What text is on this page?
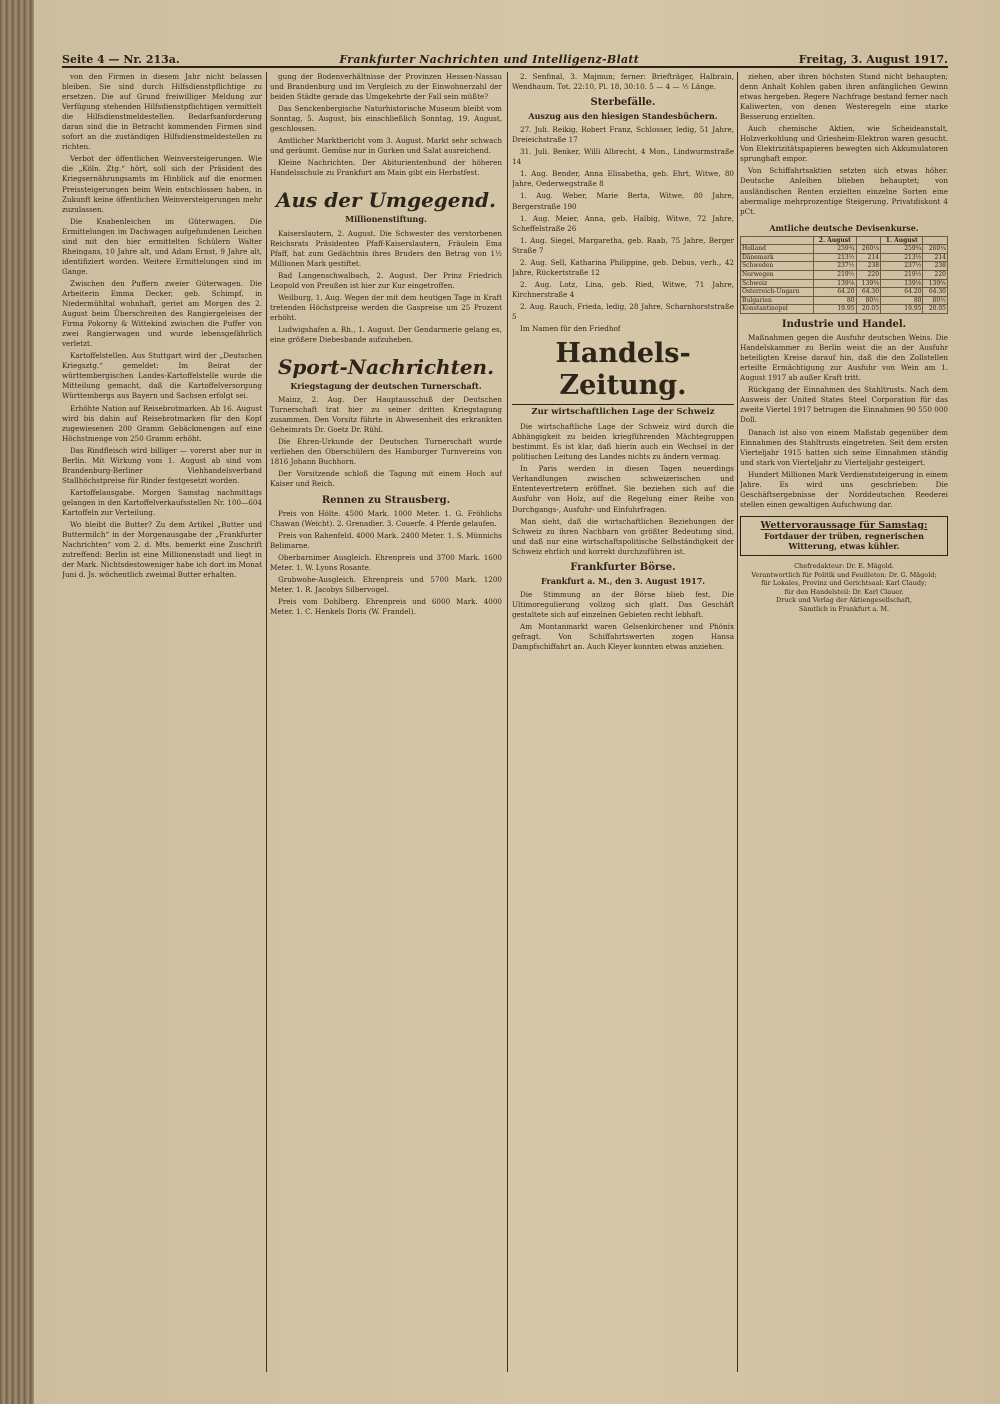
Seite 4 — Nr. 213a.	Frankfurter Nachrichten und Intelligenz-Blatt	Freitag, 3. August 1917.

von den Firmen in diesem Jahr nicht belassen bleiben. Sie sind durch Hilfsdienstpflichtige zu ersetzen. Die auf Grund freiwilliger Meldung zur Verfügung stehenden Hilfsdienstpflichtigen vermittelt die Hilfsdienstmeldestellen. Bedarfsanforderung daran sind die in Betracht kommenden Firmen sind sofort an die zuständigen Hilfsdienstmeldestellen zu richten.

Verbot der öffentlichen Weinversteigerungen. Wie die „Köln. Ztg.“ hört, soll sich der Präsident des Kriegsernährungsamts im Hinblick auf die enormen Preissteigerungen beim Wein entschlossen haben, in Zukunft keine öffentlichen Weinversteigerungen mehr zuzulassen.

Die Knabenleichen im Güterwagen. Die Ermittelungen im Dachwagen aufgefundenen Leichen sind mit den hier ermittelten Schülern Walter Rheingans, 10 Jahre alt, und Adam Ernst, 9 Jahre alt, identifiziert worden. Weitere Ermittelungen sind im Gange.

Zwischen den Puffern zweier Güterwagen. Die Arbeiterin Emma Decker, geb. Schimpf, in Niedermühltal wohnhaft, geriet am Morgen des 2. August beim Überschreiten des Rangiergeleises der Firma Pokorny & Wittekind zwischen die Puffer von zwei Rangierwagen und wurde lebensgefährlich verletzt.

Kartoffelstellen. Aus Stuttgart wird der „Deutschen Kriegsztg.“ gemeldet: Im Beirat der württembergischen Landes-Kartoffelstelle wurde die Mitteilung gemacht, daß die Kartoffelversorgung Württembergs aus Bayern und Sachsen erfolgt sei.

Erhöhte Nation auf Reisebrotmarken. Ab 16. August wird bis dahin auf Reisebrotmarken für den Kopf zugewiesenen 200 Gramm Gebäckmengen auf eine Höchstmenge von 250 Gramm erhöht.

Das Rindfleisch wird billiger — vorerst aber nur in Berlin. Mit Wirkung vom 1. August ab sind vom Brandenburg-Berliner Viehhandelsverband Stallhöchstpreise für Rinder festgesetzt worden.

Kartoffelausgabe. Morgen Samstag nachmittags gelangen in den Kartoffelverkaufsstellen Nr. 100—604 Kartoffeln zur Verteilung.

Wo bleibt die Butter? Zu dem Artikel „Butter und Buttermilch“ in der Morgenausgabe der „Frankfurter Nachrichten“ vom 2. d. Mts. bemerkt eine Zuschrift zutreffend: Berlin ist eine Millionenstadt und liegt in der Mark. Nichtsdestoweniger habe ich dort im Monat Juni d. Js. wöchentlich zweimal Butter erhalten.

gung der Bodenverhältnisse der Provinzen Hessen-Nassau und Brandenburg und im Vergleich zu der Einwohnerzahl der beiden Städte gerade das Umgekehrte der Fall sein müßte?

Das Senckenbergische Naturhistorische Museum bleibt vom Sonntag, 5. August, bis einschließlich Sonntag, 19. August, geschlossen.

Amtlicher Marktbericht vom 3. August. Markt sehr schwach und geräumt. Gemüse nur in Gurken und Salat ausreichend.

Kleine Nachrichten. Der Abiturientenbund der höheren Handelsschule zu Frankfurt am Main gibt ein Herbstfest.

Aus der Umgegend.
Millionenstiftung.

Kaiserslautern, 2. August. Die Schwester des verstorbenen Reichsrats Präsidenten Pfaff-Kaiserslautern, Fräulein Ema Pfaff, hat zum Gedächtnis ihres Bruders den Betrag von 1½ Millionen Mark gestiftet.

Bad Langenschwalbach, 2. August. Der Prinz Friedrich Leopold von Preußen ist hier zur Kur eingetroffen.

Weilburg, 1. Aug. Wegen der mit dem heutigen Tage in Kraft tretenden Höchstpreise werden die Gaspreise um 25 Prozent erhöht.

Ludwigshafen a. Rh., 1. August. Der Gendarmerie gelang es, eine größere Diebesbande aufzuheben.

Sport-Nachrichten.
Kriegstagung der deutschen Turnerschaft.

Mainz, 2. Aug. Der Hauptausschuß der Deutschen Turnerschaft trat hier zu seiner dritten Kriegstagung zusammen. Den Vorsitz führte in Abwesenheit des erkrankten Geheimrats Dr. Goetz Dr. Rühl.

Die Ehren-Urkunde der Deutschen Turnerschaft wurde verliehen den Oberschülern des Hamburger Turnvereins von 1816 Johann Buchhorn.

Der Vorsitzende schloß die Tagung mit einem Hoch auf Kaiser und Reich.

Rennen zu Strausberg.

Preis von Hölte. 4500 Mark. 1000 Meter. 1. G. Fröhlichs Chawan (Weicht). 2. Grenadier. 3. Couerfe. 4 Pferde gelaufen.

Preis von Rahenfeld. 4000 Mark. 2400 Meter. 1. S. Münnichs Belimarne.

Oberbarnimer Ausgleich. Ehrenpreis und 3700 Mark. 1600 Meter. 1. W. Lyons Rosante.

Grubwohe-Ausgleich. Ehrenpreis und 5700 Mark. 1200 Meter. 1. R. Jacobys Silbervogel.

Preis vom Dohlberg. Ehrenpreis und 6000 Mark. 4000 Meter. 1. C. Henkels Doris (W. Frandel).

2. Senfinal, 3. Majmun; ferner: Briefträger, Halbrain, Wendhaum. Tot. 22:10, Pl. 18, 30:10. 5 — 4 — ½ Länge.

Sterbefälle.
Auszug aus den hiesigen Standesbüchern.

27. Juli. Reikig, Robert Franz, Schlosser, ledig, 51 Jahre, Dreieichstraße 17

31. Juli. Benker, Willi Albrecht, 4 Mon., Lindwurmstraße 14

1. Aug. Bender, Anna Elisabetha, geb. Ehrt, Witwe, 80 Jahre, Oederwegstraße 8

1. Aug. Weber, Marie Berta, Witwe, 80 Jahre, Bergerstraße 190

1. Aug. Meier, Anna, geb. Halbig, Witwe, 72 Jahre, Scheffelstraße 26

1. Aug. Siegel, Margaretha, geb. Raab, 75 Jahre, Berger Straße 7

2. Aug. Sell, Katharina Philippine, geb. Debus, verh., 42 Jahre, Rückertstraße 12

2. Aug. Lotz, Lina, geb. Ried, Witwe, 71 Jahre, Kirchnerstraße 4

2. Aug. Rauch, Frieda, ledig, 28 Jahre, Scharnhorststraße 5

Im Namen für den Friedhof

Handels-Zeitung.
Zur wirtschaftlichen Lage der Schweiz

Die wirtschaftliche Lage der Schweiz wird durch die Abhängigkeit zu beiden kriegführenden Mächtegruppen bestimmt. Es ist klar, daß hierin auch ein Wechsel in der politischen Leitung des Landes nichts zu ändern vermag.

In Paris werden in diesen Tagen neuerdings Verhandlungen zwischen schweizerischen und Ententevertretern eröffnet. Sie beziehen sich auf die Ausfuhr von Holz, auf die Regelung einer Reihe von Durchgangs-, Ausfuhr- und Einfuhrfragen.

Man sieht, daß die wirtschaftlichen Beziehungen der Schweiz zu ihren Nachbarn von größter Bedeutung sind, und daß nur eine wirtschaftspolitische Selbständigkeit der Schweiz ehrlich und korrekt durchzuführen ist.

Frankfurter Börse.
Frankfurt a. M., den 3. August 1917.

Die Stimmung an der Börse blieb fest. Die Ultimoregulierung vollzog sich glatt. Das Geschäft gestaltete sich auf einzelnen Gebieten recht lebhaft.

Am Montanmarkt waren Gelsenkirchener und Phönix gefragt. Von Schiffahrtswerten zogen Hansa Dampfschiffahrt an. Auch Kleyer konnten etwas anziehen.

ziehen, aber ihren höchsten Stand nicht behaupten; denn Anhalt Kohlen gaben ihren anfänglichen Gewinn etwas hergeben. Regere Nachfrage bestand ferner nach Kaliwerten, von denen Westeregeln eine starke Besserung erzielten.

Auch chemische Aktien, wie Scheideanstalt, Holzverkohlung und Griesheim-Elektron waren gesucht. Von Elektrizitätspapieren bewegten sich Akkumulatoren sprunghaft empor.

Von Schiffahrtsaktien setzten sich etwas höher. Deutsche Anleihen blieben behauptet; von ausländischen Renten erzielten einzelne Sorten eine abermalige mehrprozentige Steigerung. Privatdiskont 4 pCt.

Amtliche deutsche Devisenkurse.
	2. August		1. August	
Holland	259¾	260¼	259¾	260¼
Dänemark	213½	214	213½	214
Schweden	237½	238	237½	238
Norwegen	219½	220	219½	220
Schweiz	139⅛	139⅜	139⅛	139⅜
Österreich-Ungarn	64.20	64.30	64.20	64.30
Bulgarien	80	80½	80	80½
Konstantinopel	19.95	20.05	19.95	20.05
Industrie und Handel.

Maßnahmen gegen die Ausfuhr deutschen Weins. Die Handelskammer zu Berlin weist die an der Ausfuhr beteiligten Kreise darauf hin, daß die den Zollstellen erteilte Ermächtigung zur Ausfuhr von Wein am 1. August 1917 ab außer Kraft tritt.

Rückgang der Einnahmen des Stahltrusts. Nach dem Ausweis der United States Steel Corporation für das zweite Viertel 1917 betrugen die Einnahmen 90 550 000 Doll.

Danach ist also von einem Maßstab gegenüber dem Einnahmen des Stahltrusts eingetreten. Seit dem ersten Vierteljahr 1915 hatten sich seine Einnahmen ständig und stark von Vierteljahr zu Vierteljahr gesteigert.

Hundert Millionen Mark Verdienststeigerung in einem Jahre. Es wird uns geschrieben: Die Geschäftsergebnisse der Norddeutschen Reederei stellen einen gewaltigen Aufschwung dar.

Wettervoraussage für Samstag:
Fortdauer der trüben, regnerischen Witterung, etwas kühler.
Chefredakteur: Dr. E. Mägold.
Verantwortlich für Politik und Feuilleton: Dr. G. Mägold;
für Lokales, Provinz und Gerichtsaal: Karl Claudy;
für den Handelsteil: Dr. Karl Clauer.
Druck und Verlag der Aktiengesellschaft,
Sämtlich in Frankfurt a. M.
